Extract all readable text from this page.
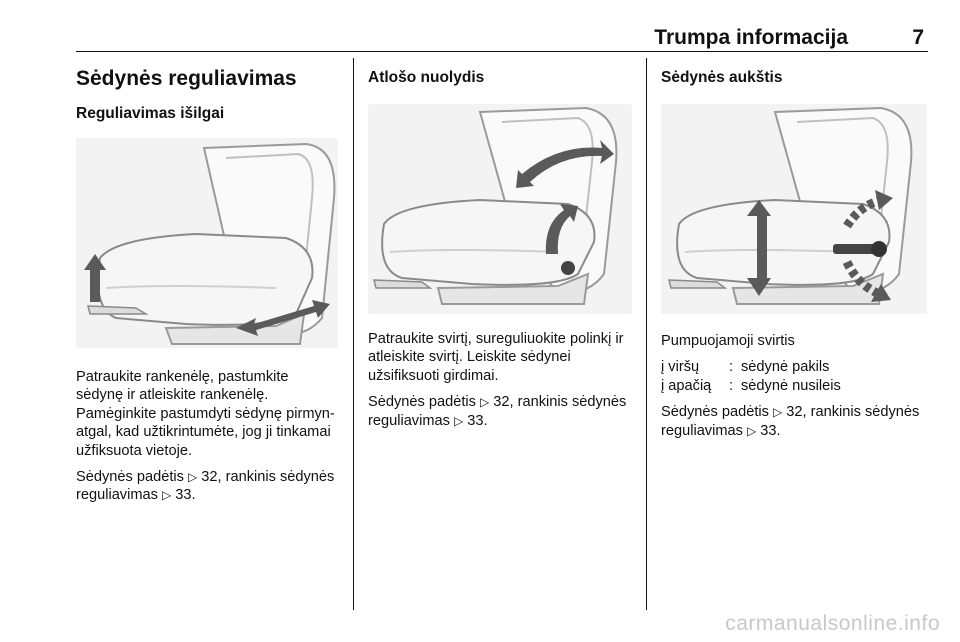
Trumpa informacija	7
Sėdynės reguliavimas
Reguliavimas išilgai

Patraukite rankenėlę, pastumkite sėdynę ir atleiskite rankenėlę. Pamėginkite pastumdyti sėdynę pirmyn-atgal, kad užtikrintumėte, jog ji tinkamai užfiksuota vietoje.

Sėdynės padėtis ▷ 32, rankinis sėdynės reguliavimas ▷ 33.

Atlošo nuolydis

Patraukite svirtį, sureguliuokite polinkį ir atleiskite svirtį. Leiskite sėdynei užsifiksuoti girdimai.

Sėdynės padėtis ▷ 32, rankinis sėdynės reguliavimas ▷ 33.

Sėdynės aukštis

Pumpuojamoji svirtis

į viršų	:	sėdynė pakils
į apačią	:	sėdynė nusileis

Sėdynės padėtis ▷ 32, rankinis sėdynės reguliavimas ▷ 33.

carmanualsonline.info
